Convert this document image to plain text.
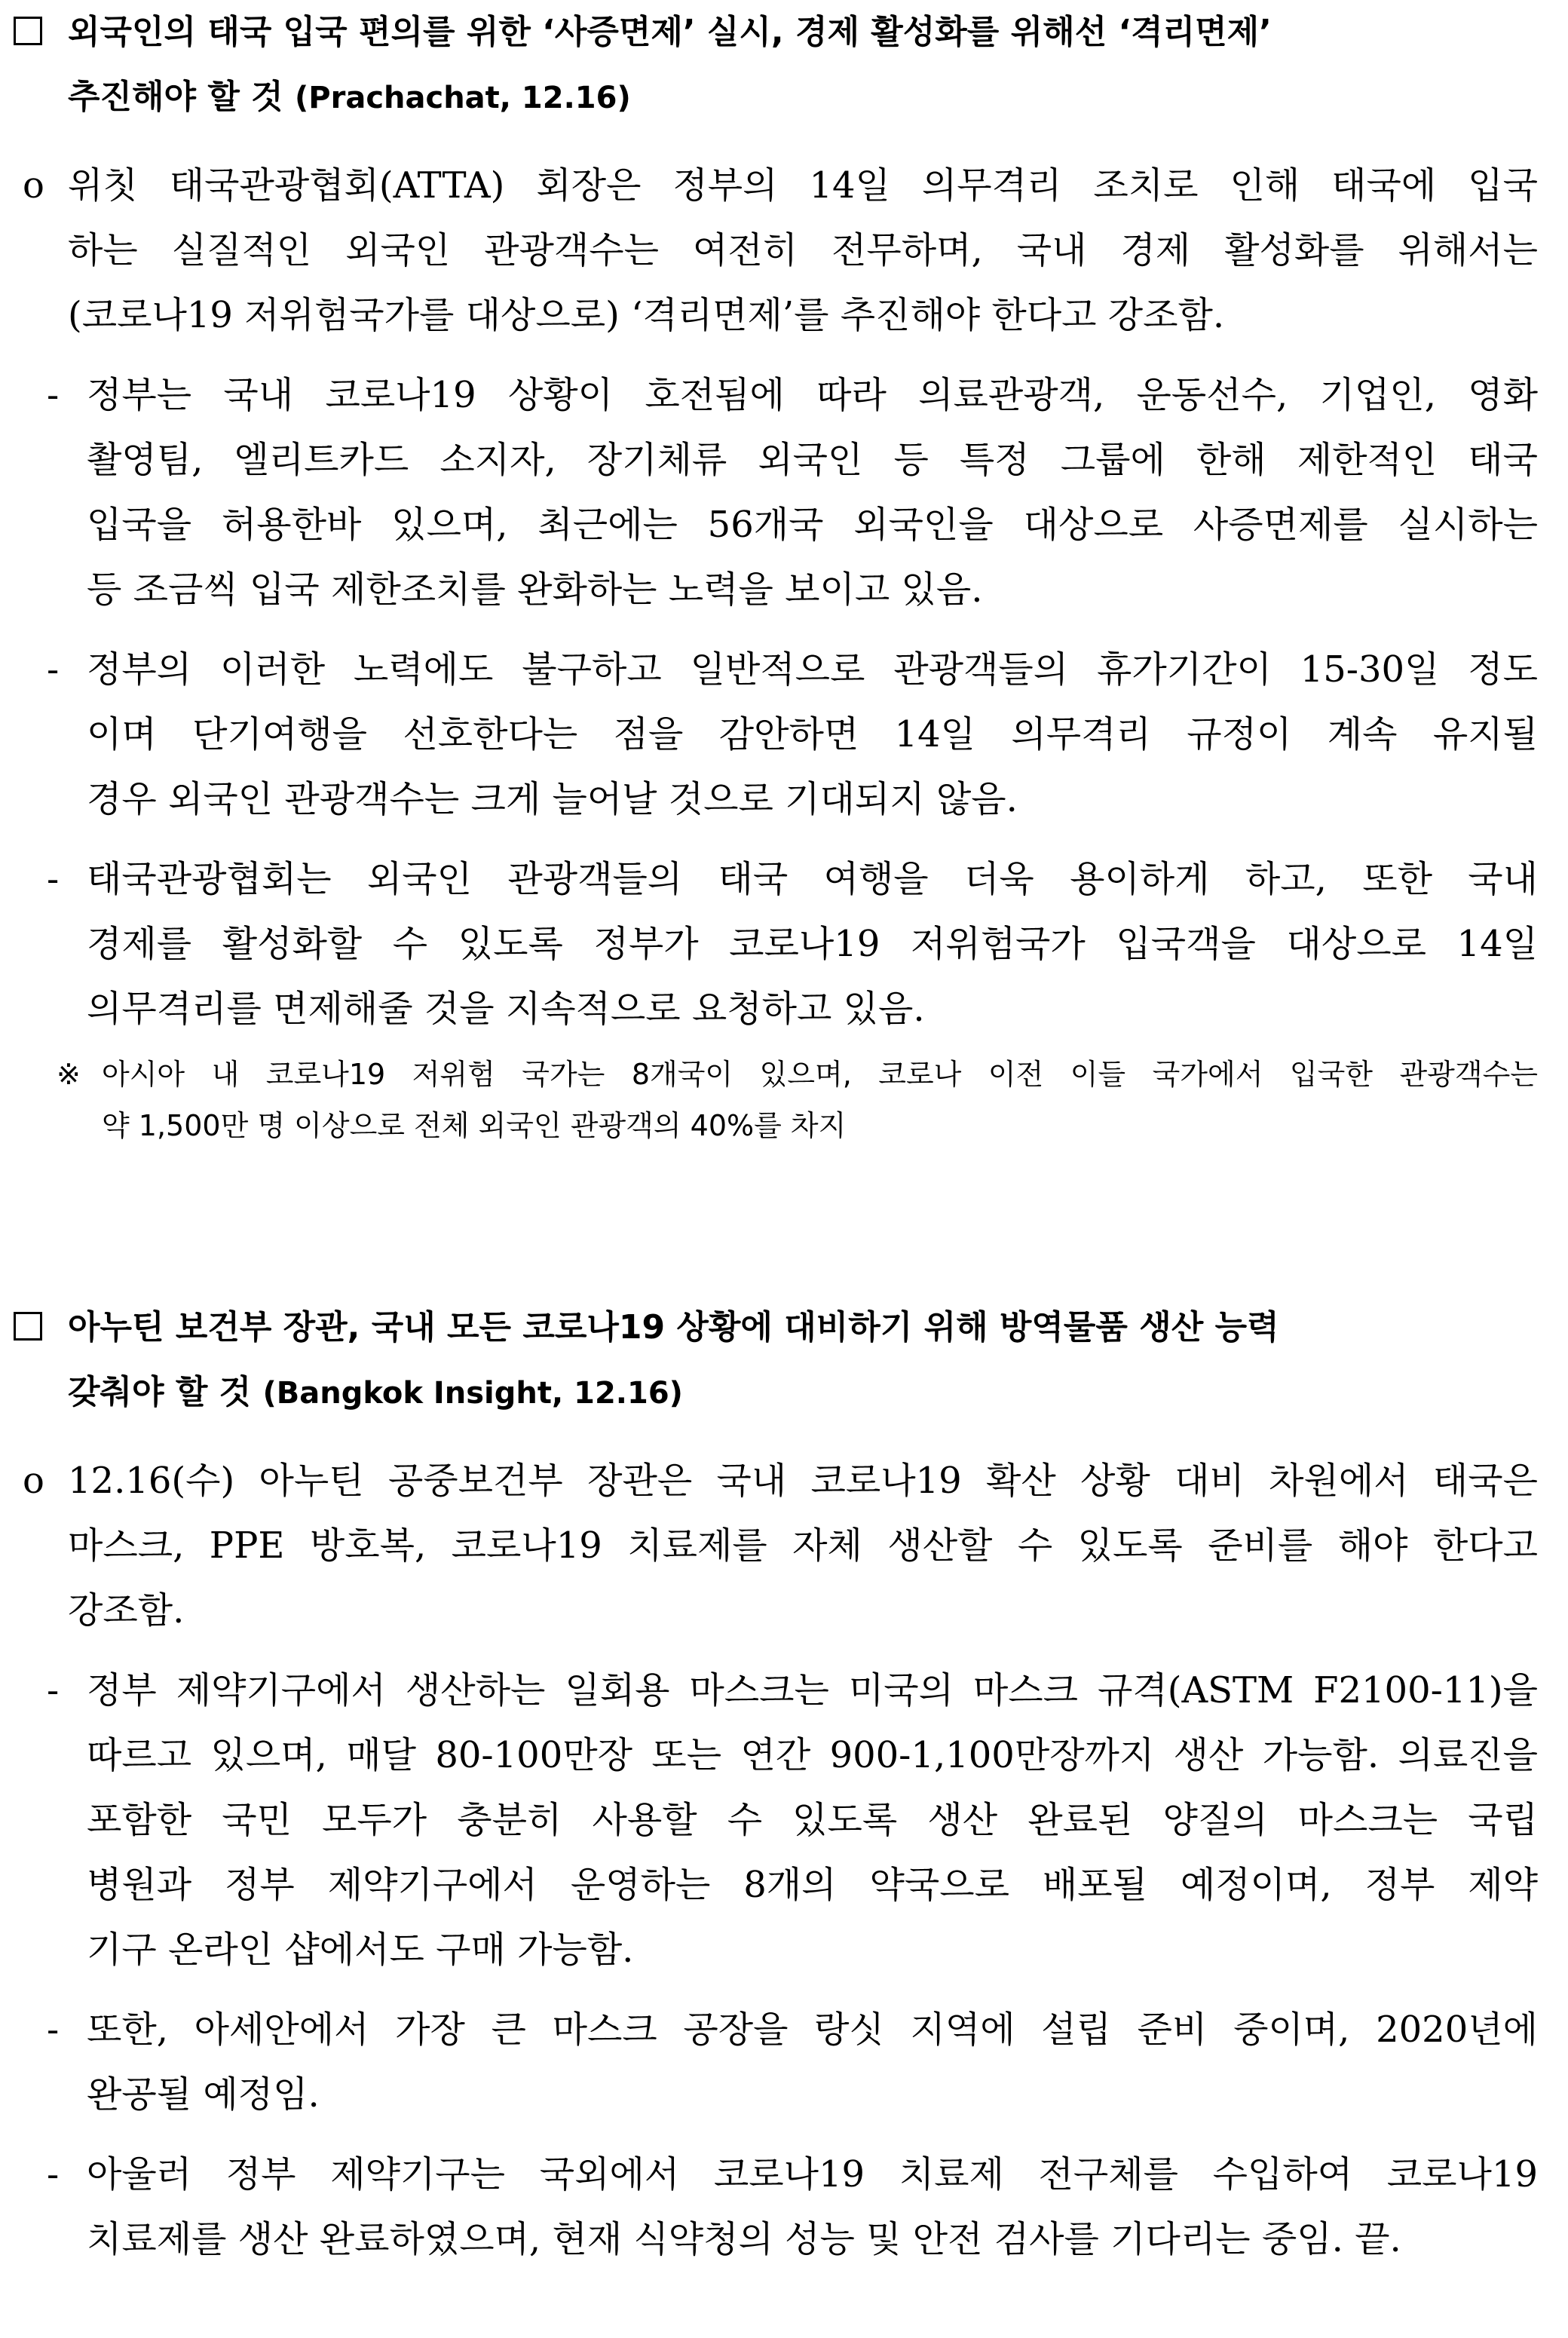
외국인의 태국 입국 편의를 위한 ‘사증면제’ 실시, 경제 활성화를 위해선 ‘격리면제’
추진해야 할 것 (Prachachat, 12.16)
o 위칫 태국관광협회(ATTA) 회장은 정부의 14일 의무격리 조치로 인해 태국에 입국
하는 실질적인 외국인 관광객수는 여전히 전무하며, 국내 경제 활성화를 위해서는
(코로나19 저위험국가를 대상으로) ‘격리면제’를 추진해야 한다고 강조함.
- 정부는 국내 코로나19 상황이 호전됨에 따라 의료관광객, 운동선수, 기업인, 영화
촬영팀, 엘리트카드 소지자, 장기체류 외국인 등 특정 그룹에 한해 제한적인 태국
입국을 허용한바 있으며, 최근에는 56개국 외국인을 대상으로 사증면제를 실시하는
등 조금씩 입국 제한조치를 완화하는 노력을 보이고 있음.
- 정부의 이러한 노력에도 불구하고 일반적으로 관광객들의 휴가기간이 15-30일 정도
이며 단기여행을 선호한다는 점을 감안하면 14일 의무격리 규정이 계속 유지될
경우 외국인 관광객수는 크게 늘어날 것으로 기대되지 않음.
- 태국관광협회는 외국인 관광객들의 태국 여행을 더욱 용이하게 하고, 또한 국내
경제를 활성화할 수 있도록 정부가 코로나19 저위험국가 입국객을 대상으로 14일
의무격리를 면제해줄 것을 지속적으로 요청하고 있음.
※ 아시아 내 코로나19 저위험 국가는 8개국이 있으며, 코로나 이전 이들 국가에서 입국한 관광객수는
약 1,500만 명 이상으로 전체 외국인 관광객의 40%를 차지
아누틴 보건부 장관, 국내 모든 코로나19 상황에 대비하기 위해 방역물품 생산 능력
갖춰야 할 것 (Bangkok Insight, 12.16)
o 12.16(수) 아누틴 공중보건부 장관은 국내 코로나19 확산 상황 대비 차원에서 태국은
마스크, PPE 방호복, 코로나19 치료제를 자체 생산할 수 있도록 준비를 해야 한다고
강조함.
- 정부 제약기구에서 생산하는 일회용 마스크는 미국의 마스크 규격(ASTM F2100-11)을
따르고 있으며, 매달 80-100만장 또는 연간 900-1,100만장까지 생산 가능함. 의료진을
포함한 국민 모두가 충분히 사용할 수 있도록 생산 완료된 양질의 마스크는 국립
병원과 정부 제약기구에서 운영하는 8개의 약국으로 배포될 예정이며, 정부 제약
기구 온라인 샵에서도 구매 가능함.
- 또한, 아세안에서 가장 큰 마스크 공장을 랑싯 지역에 설립 준비 중이며, 2020년에
완공될 예정임.
- 아울러 정부 제약기구는 국외에서 코로나19 치료제 전구체를 수입하여 코로나19
치료제를 생산 완료하였으며, 현재 식약청의 성능 및 안전 검사를 기다리는 중임. 끝.
